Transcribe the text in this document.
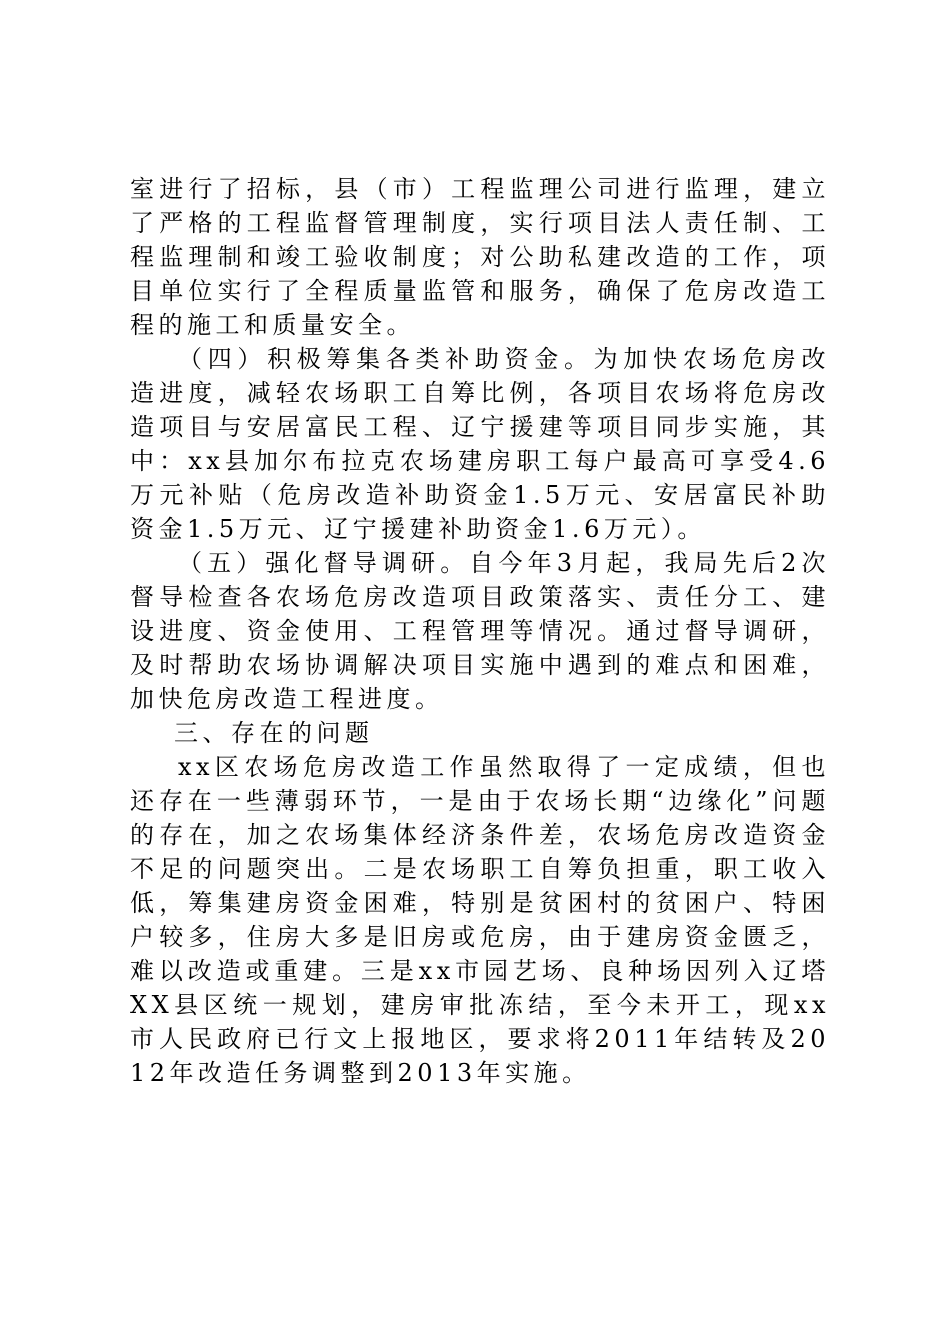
室进行了招标，县（市）工程监理公司进行监理，建立了严格的工程监督管理制度，实行项目法人责任制、工程监理制和竣工验收制度；对公助私建改造的工作，项目单位实行了全程质量监管和服务，确保了危房改造工程的施工和质量安全。

（四）积极筹集各类补助资金。为加快农场危房改造进度，减轻农场职工自筹比例，各项目农场将危房改造项目与安居富民工程、辽宁援建等项目同步实施，其中：xx县加尔布拉克农场建房职工每户最高可享受4.6万元补贴（危房改造补助资金1.5万元、安居富民补助资金1.5万元、辽宁援建补助资金1.6万元）。

（五）强化督导调研。自今年3月起，我局先后2次督导检查各农场危房改造项目政策落实、责任分工、建设进度、资金使用、工程管理等情况。通过督导调研，及时帮助农场协调解决项目实施中遇到的难点和困难，加快危房改造工程进度。

三、存在的问题

xx区农场危房改造工作虽然取得了一定成绩，但也还存在一些薄弱环节，一是由于农场长期“边缘化”问题的存在，加之农场集体经济条件差，农场危房改造资金不足的问题突出。二是农场职工自筹负担重，职工收入低，筹集建房资金困难，特别是贫困村的贫困户、特困户较多，住房大多是旧房或危房，由于建房资金匮乏，难以改造或重建。三是xx市园艺场、良种场因列入辽塔XX县区统一规划，建房审批冻结，至今未开工，现xx市人民政府已行文上报地区，要求将2011年结转及2012年改造任务调整到2013年实施。
